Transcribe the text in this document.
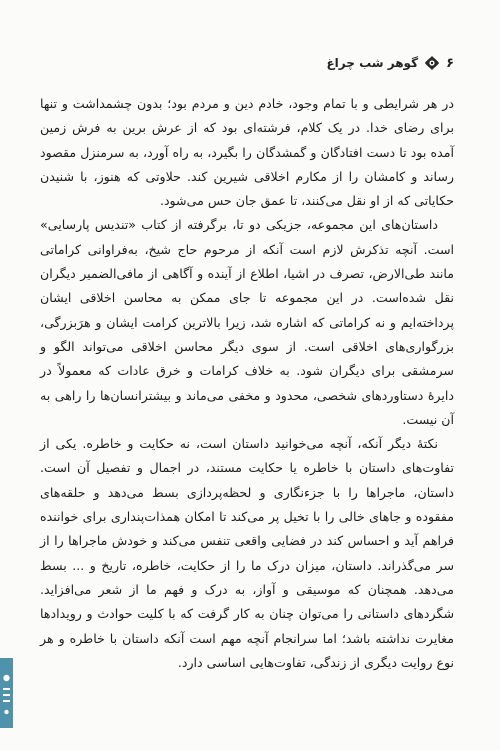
۶
گوهر شب چراغ

در هر شرایطی و با تمام وجود، خادم دین و مردم بود؛ بدون چشمداشت و تنها برای رضای خدا. در یک کلام، فرشته‌ای بود که از عرش برین به فرش زمین آمده بود تا دست افتادگان و گمشدگان را بگیرد، به راه آورد، به سرمنزل مقصود رساند و کامشان را از مکارم اخلاقی شیرین کند. حلاوتی که هنوز، با شنیدن حکایاتی که از او نقل می‌کنند، تا عمق جان حس می‌شود.

داستان‌های این مجموعه، جزیکی دو تا، برگرفته از کتاب «تندیس پارسایی» است. آنچه تذکرش لازم است آنکه از مرحوم حاج شیخ، به‌فراوانی کراماتی مانند طی‌الارض، تصرف در اشیا، اطلاع از آینده و آگاهی از مافی‌الضمیر دیگران نقل شده‌است. در این مجموعه تا جای ممکن به محاسن اخلاقی ایشان پرداخته‌ایم و نه کراماتی که اشاره شد، زیرا بالاترین کرامت ایشان و هرَبزرگی، بزرگواری‌های اخلاقی است. از سوی دیگر محاسن اخلاقی می‌تواند الگو و سرمشقی برای دیگران شود. به خلاف کرامات و خرق عادات که معمولاً در دایرهٔ دستاوردهای شخصی، محدود و مخفی می‌ماند و بیشترانسان‌ها را راهی به آن نیست.

نکتهٔ دیگر آنکه، آنچه می‌خوانید داستان است، نه حکایت و خاطره. یکی از تفاوت‌های داستان با خاطره یا حکایت مستند، در اجمال و تفصیل آن است. داستان، ماجراها را با جزءنگاری و لحظه‌پردازی بسط می‌دهد و حلقه‌های مفقوده و جاهای خالی را با تخیل پر می‌کند تا امکان همذات‌پنداری برای خواننده فراهم آید و احساس کند در فضایی واقعی تنفس می‌کند و خودش ماجراها را از سر می‌گذراند. داستان، میزان درک ما را از حکایت، خاطره، تاریخ و ... بسط می‌دهد. همچنان که موسیقی و آواز، به درک و فهم ما از شعر می‌افزاید. شگردهای داستانی را می‌توان چنان به کار گرفت که با کلیت حوادث و رویدادها مغایرت نداشته باشد؛ اما سرانجام آنچه مهم است آنکه داستان با خاطره و هر نوع روایت دیگری از زندگی، تفاوت‌هایی اساسی دارد.
